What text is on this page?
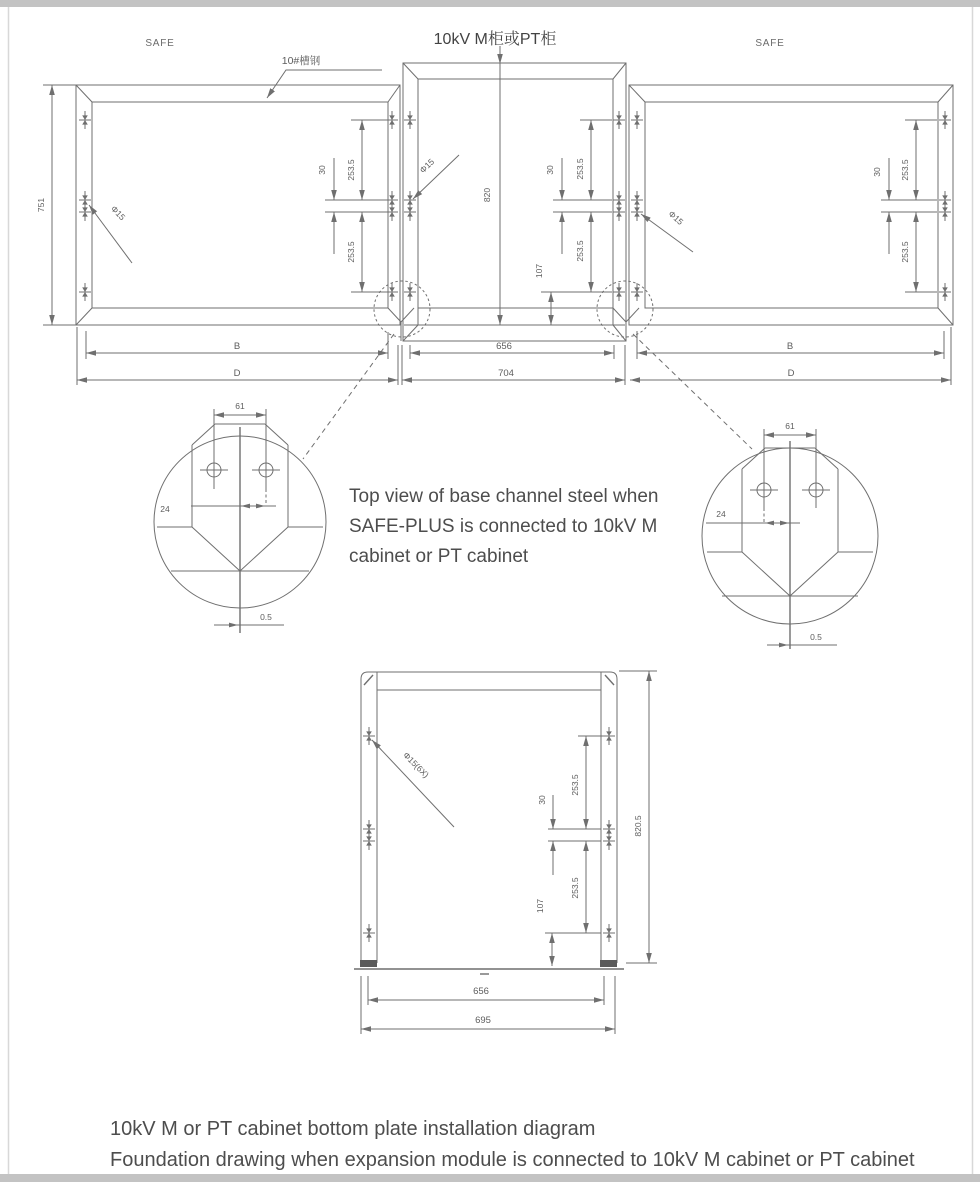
SAFE	10kV M柜或PT柜	SAFE
10#槽钢
751
820
253.5
30
253.5
253.5
30
253.5
107
253.5
30
253.5
Φ15
Φ15
Φ15
B
D
656
704
B
D
61
24
0.5
61
24
0.5
Top view of base channel steel when
SAFE-PLUS is connected to 10kV M
cabinet or PT cabinet
Φ15(6X)
253.5
30
253.5
107
820.5
656
695
10kV M or PT cabinet bottom plate installation diagram
Foundation drawing when expansion module is connected to 10kV M cabinet or PT cabinet
